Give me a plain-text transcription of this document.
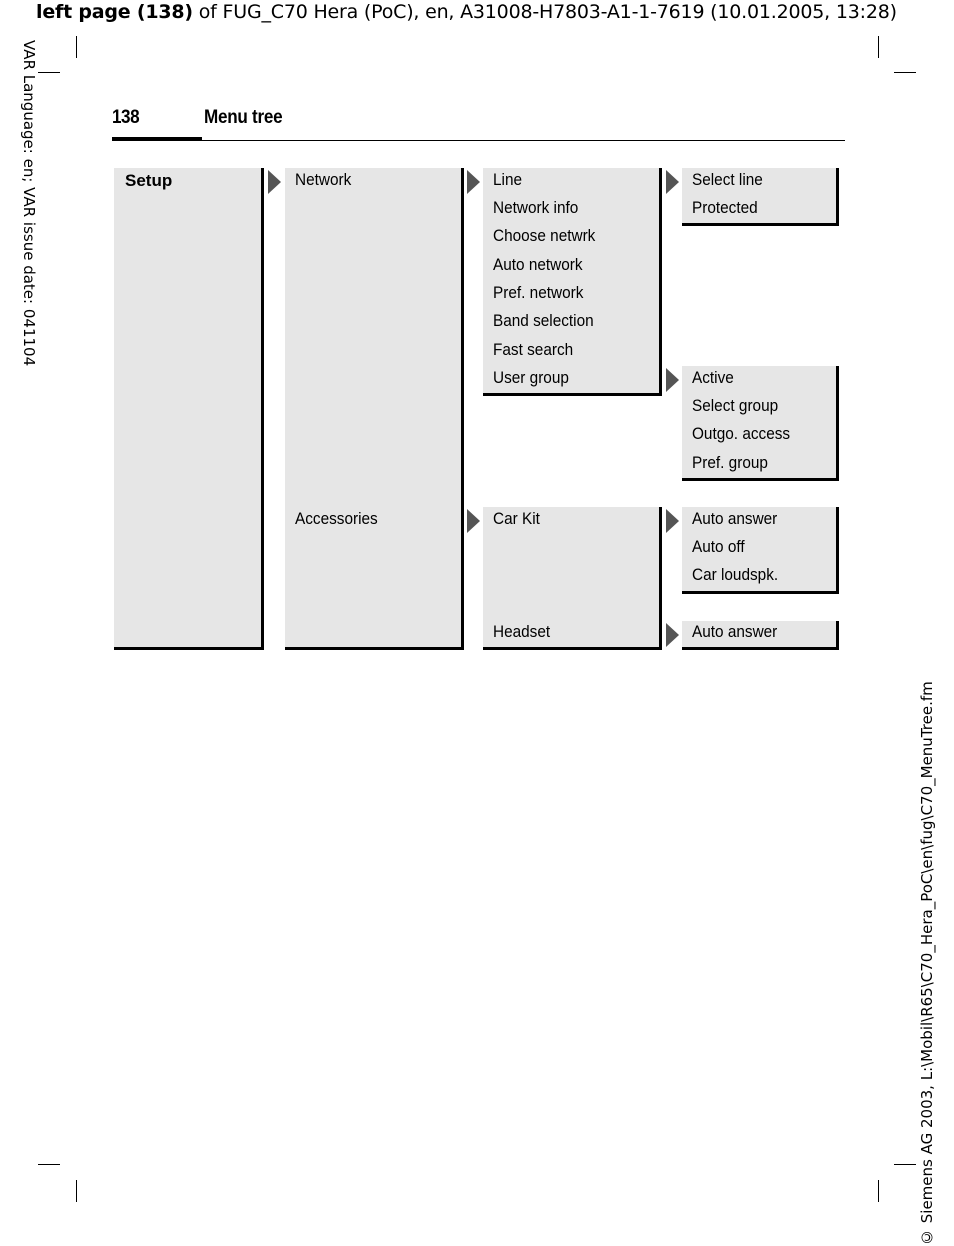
left page (138) of FUG_C70 Hera (PoC), en, A31008-H7803-A1-1-7619 (10.01.2005, 13:28)
VAR Language: en; VAR issue date: 041104
© Siemens AG 2003, L:\Mobil\R65\C70_Hera_PoC\en\fug\C70_MenuTree.fm
138	Menu tree
Setup	Network
Accessories
Line
Network info
Choose netwrk
Auto network
Pref. network
Band selection
Fast search
User group
Car Kit
Headset
Select line
Protected
Active
Select group
Outgo. access
Pref. group
Auto answer
Auto off
Car loudspk.
Auto answer
